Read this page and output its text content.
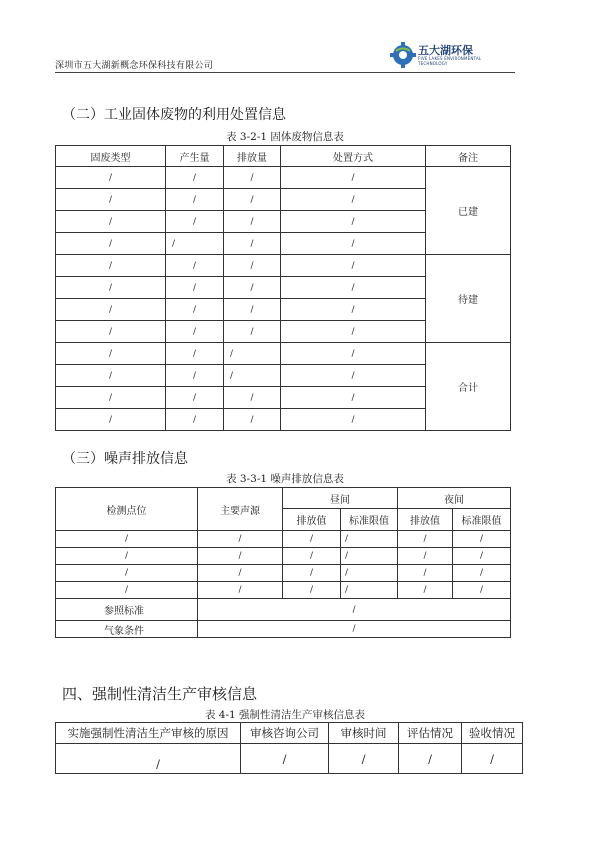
五大湖环保
FIVE LAKES ENVIRONMENTAL TECHNOLOGY
深圳市五大湖新概念环保科技有限公司
（二）工业固体废物的利用处置信息
表 3-2-1 固体废物信息表
固废类型	产生量	排放量	处置方式	备注
/	/	/	/	已建
/	/	/	/	
/	/	/	/	
/	/	/	/	
/	/	/	/	待建
/	/	/	/	
/	/	/	/	
/	/	/	/	
/	/	/	/	合计
/	/	/	/	
/	/	/	/	
/	/	/	/	
（三）噪声排放信息
表 3-3-1 噪声排放信息表
检测点位	主要声源	昼间		夜间	
		排放值	标准限值	排放值	标准限值
/	/	/	/	/	/
/	/	/	/	/	/
/	/	/	/	/	/
/	/	/	/	/	/
参照标准	/				
气象条件	/				
四、强制性清洁生产审核信息
表 4-1 强制性清洁生产审核信息表
实施强制性清洁生产审核的原因	审核咨询公司	审核时间	评估情况	验收情况
/	/	/	/	/
